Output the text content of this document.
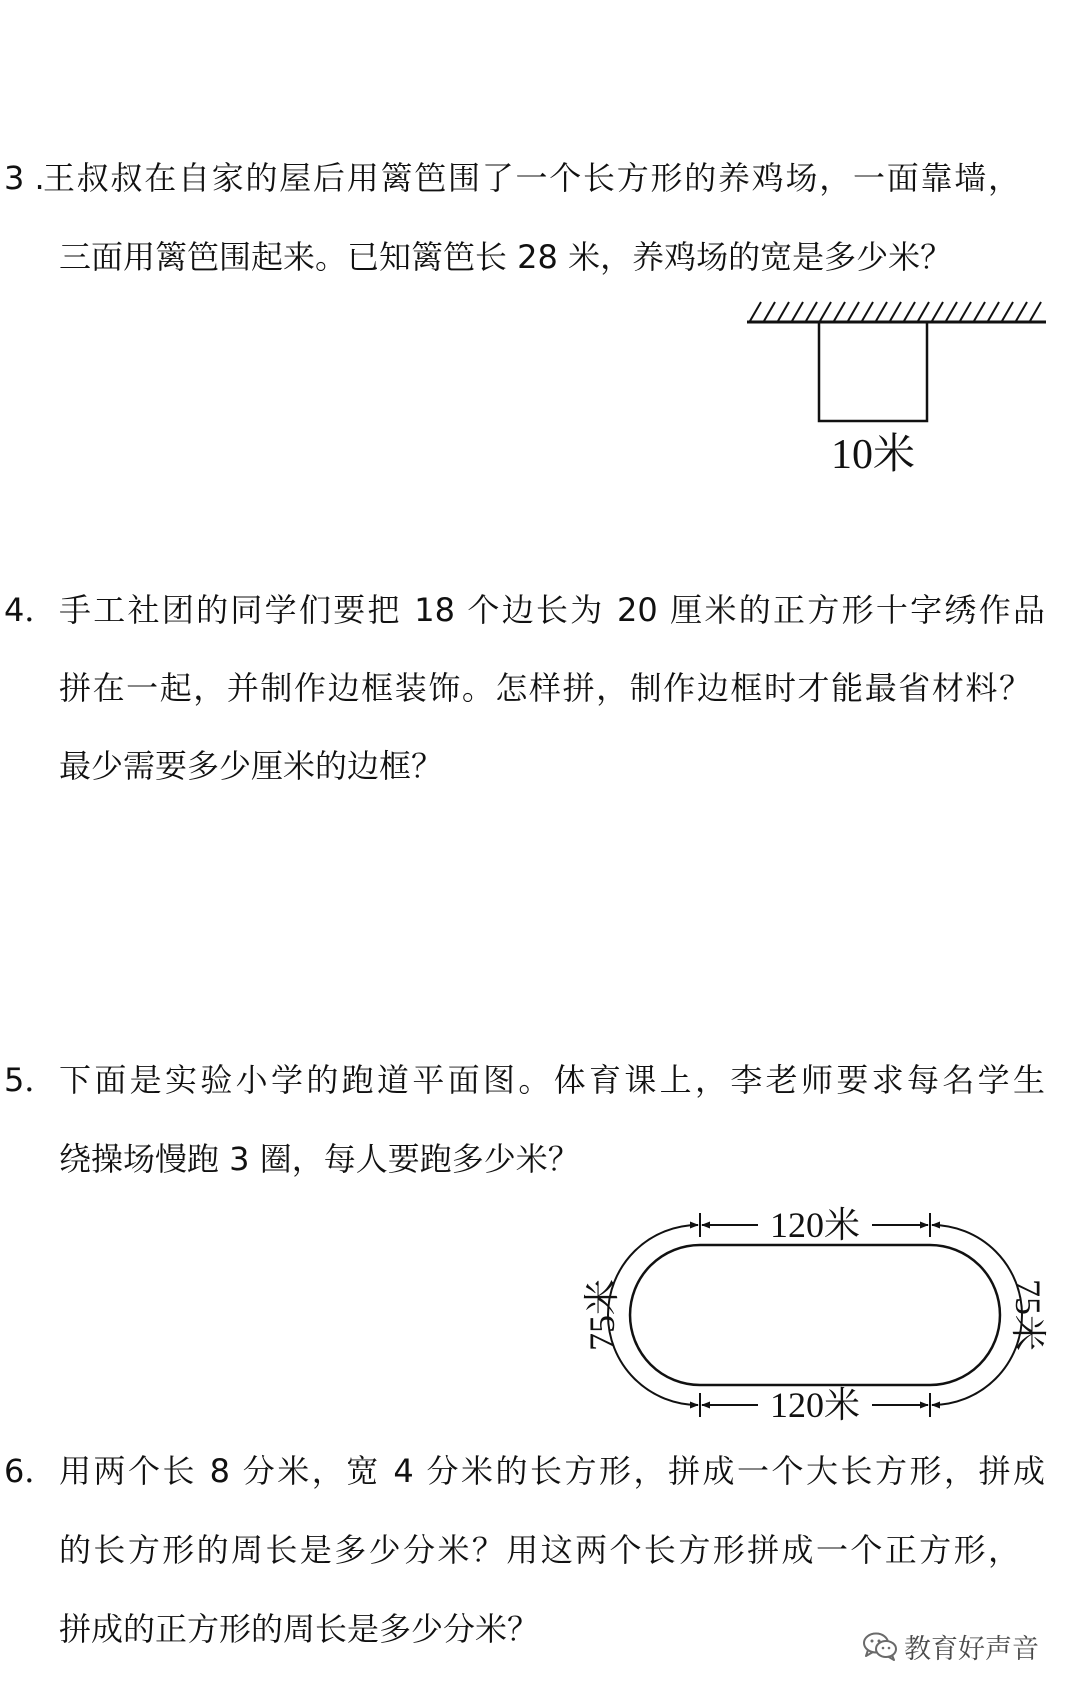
3 .
王叔叔在自家的屋后用篱笆围了一个长方形的养鸡场，一面靠墙，
三面用篱笆围起来。已知篱笆长 28 米，养鸡场的宽是多少米？
10米
4． 手工社团的同学们要把 18 个边长为 20 厘米的正方形十字绣作品
拼在一起，并制作边框装饰。怎样拼，制作边框时才能最省材料？
最少需要多少厘米的边框？
5． 下面是实验小学的跑道平面图。体育课上，李老师要求每名学生
绕操场慢跑 3 圈，每人要跑多少米？
120米
120米
75米	75米
6． 用两个长 8 分米，宽 4 分米的长方形，拼成一个大长方形，拼成
的长方形的周长是多少分米？用这两个长方形拼成一个正方形，
拼成的正方形的周长是多少分米？
教育好声音
